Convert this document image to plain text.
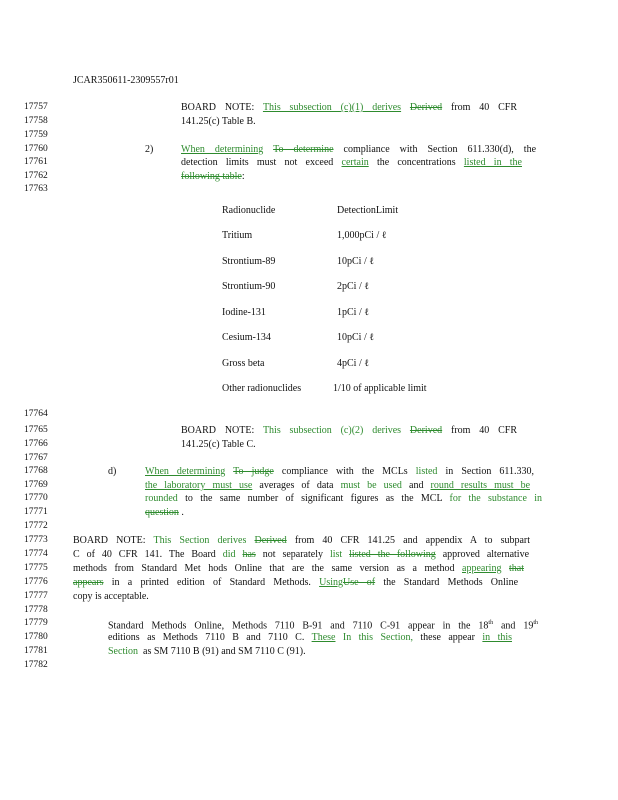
JCAR350611-2309557r01
17757
17758
17759
17760
17761
17762
17763
17764
17765
17766
17767
17768
17769
17770
17771
17772
17773
17774
17775
17776
17777
17778
17779
17780
17781
17782
BOARD NOTE: This subsection (c)(1) derives Derived from 40 CFR
141.25(c) Table B.
2)	When determining To determine compliance with Section 611.330(d), the
detection limits must not exceed certain the concentrations listed in the
following table:
Radionuclide	DetectionLimit
Tritium	1,000pCi / ℓ
Strontium-89	10pCi / ℓ
Strontium-90	2pCi / ℓ
Iodine-131	1pCi / ℓ
Cesium-134	10pCi / ℓ
Gross beta	4pCi / ℓ
Other radionuclides	1/10 of applicable limit
BOARD NOTE: This subsection (c)(2) derives Derived from 40 CFR
141.25(c) Table C.
d)	When determining To judge compliance with the MCLs listed in Section 611.330,
the laboratory must use averages of data must be used and round results must be
rounded to the same number of significant figures as the MCL for the substance in
question .
BOARD NOTE: This Section derives Derived from 40 CFR 141.25 and appendix A to subpart
C of 40 CFR 141. The Board did has not separately list listed the following approved alternative
methods from Standard Met hods Online that are the same version as a method appearing that
appears in a printed edition of Standard Methods. UsingUse of the Standard Methods Online
copy is acceptable.
Standard Methods Online, Methods 7110 B-91 and 7110 C-91 appear in the 18th and 19th
editions as Methods 7110 B and 7110 C. These In this Section, these appear in this
Section as SM 7110 B (91) and SM 7110 C (91).
